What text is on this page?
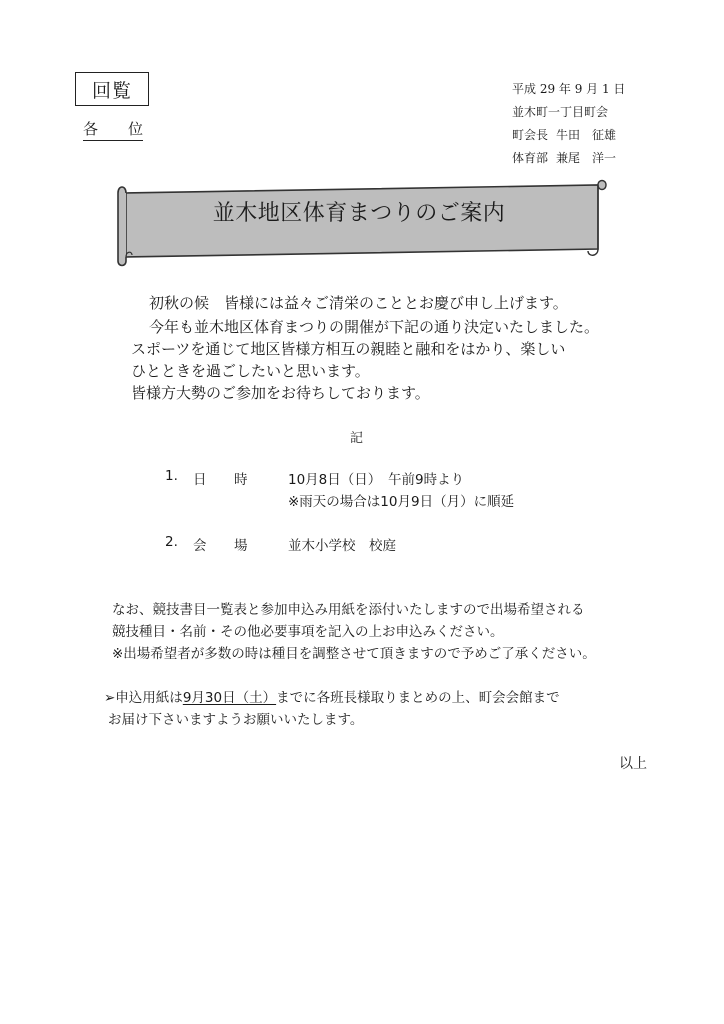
回覧
各 位
平成 29 年 9 月 1 日
並木町一丁目町会
町会長 牛田　征雄
体育部 兼尾　洋一
並木地区体育まつりのご案内
初秋の候　皆様には益々ご清栄のこととお慶び申し上げます。
今年も並木地区体育まつりの開催が下記の通り決定いたしました。
スポーツを通じて地区皆様方相互の親睦と融和をはかり、楽しい
ひとときを過ごしたいと思います。
皆様方大勢のご参加をお待ちしております。
記
1. 日 時	10月8日（日）　午前9時より
※雨天の場合は10月9日（月）に順延
2. 会 場	並木小学校　校庭
なお、競技書目一覧表と参加申込み用紙を添付いたしますので出場希望される
競技種目・名前・その他必要事項を記入の上お申込みください。
※出場希望者が多数の時は種目を調整させて頂きますので予めご了承ください。
➢申込用紙は9月30日（土）までに各班長様取りまとめの上、町会会館まで
お届け下さいますようお願いいたします。
以上
